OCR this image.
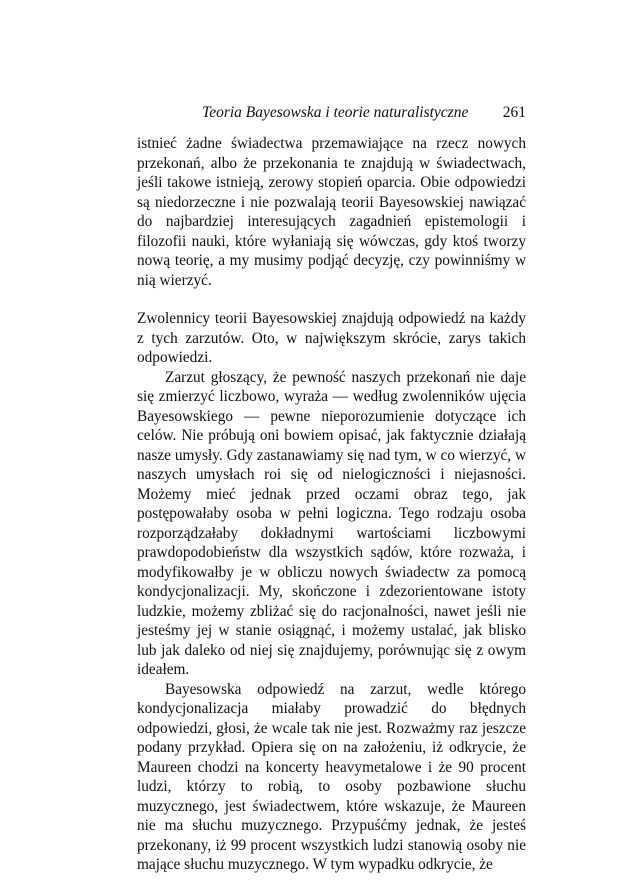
Teoria Bayesowska i teorie naturalistyczne 261

istnieć żadne świadectwa przemawiające na rzecz nowych przekonań, albo że przekonania te znajdują w świadectwach, jeśli takowe istnieją, zerowy stopień oparcia. Obie odpowiedzi są niedorzeczne i nie pozwalają teorii Bayesowskiej nawiązać do najbardziej interesujących zagadnień epistemologii i filozofii nauki, które wyłaniają się wówczas, gdy ktoś tworzy nową teorię, a my musimy podjąć decyzję, czy powinniśmy w nią wierzyć.

Zwolennicy teorii Bayesowskiej znajdują odpowiedź na każdy z tych zarzutów. Oto, w największym skrócie, zarys takich odpowiedzi.

Zarzut głoszący, że pewność naszych przekonań nie daje się zmierzyć liczbowo, wyraża — według zwolenników ujęcia Bayesowskiego — pewne nieporozumienie dotyczące ich celów. Nie próbują oni bowiem opisać, jak faktycznie działają nasze umysły. Gdy zastanawiamy się nad tym, w co wierzyć, w naszych umysłach roi się od nielogiczności i niejasności. Możemy mieć jednak przed oczami obraz tego, jak postępowałaby osoba w pełni logiczna. Tego rodzaju osoba rozporządzałaby dokładnymi wartościami liczbowymi prawdopodobieństw dla wszystkich sądów, które rozważa, i modyfikowałby je w obliczu nowych świadectw za pomocą kondycjonalizacji. My, skończone i zdezorientowane istoty ludzkie, możemy zbliżać się do racjonalności, nawet jeśli nie jesteśmy jej w stanie osiągnąć, i możemy ustalać, jak blisko lub jak daleko od niej się znajdujemy, porównując się z owym ideałem.

Bayesowska odpowiedź na zarzut, wedle którego kondycjonalizacja miałaby prowadzić do błędnych odpowiedzi, głosi, że wcale tak nie jest. Rozważmy raz jeszcze podany przykład. Opiera się on na założeniu, iż odkrycie, że Maureen chodzi na koncerty heavymetalowe i że 90 procent ludzi, którzy to robią, to osoby pozbawione słuchu muzycznego, jest świadectwem, które wskazuje, że Maureen nie ma słuchu muzycznego. Przypuśćmy jednak, że jesteś przekonany, iż 99 procent wszystkich ludzi stanowią osoby nie mające słuchu muzycznego. W tym wypadku odkrycie, że
